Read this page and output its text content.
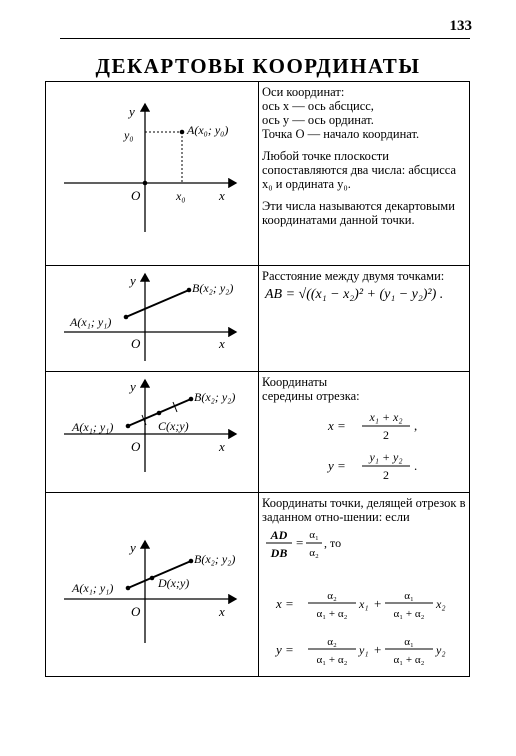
133
ДЕКАРТОВЫ КООРДИНАТЫ
y
y₀	A(x₀; y₀)
O	x₀	x

Оси координат:

ось x — ось абсцисс,

ось y — ось ординат.

Точка O — начало координат.

Любой точке плоскости сопоставляются два числа: абсцисса x₀ и ордината y₀.

Эти числа называются декартовыми координатами данной точки.

y
A(x₁; y₁)
B(x₂; y₂)
O	x
Расстояние между двумя точками:
AB = √((x₁ − x₂)² + (y₁ − y₂)²) .
y
A(x₁; y₁)	C(x;y)
B(x₂; y₂)
O	x

Координаты

середины отрезка:

x =
x₁ + x₂
2
,
y =
y₁ + y₂
2
.
y
A(x₁; y₁)	D(x;y)
B(x₂; y₂)
O	x
Координаты точки, делящей отрезок в заданном отно-шении: если
AD
DB
= α₁
α₂
, то
x =	α₂
α₁ + α₂
x₁ + α₁
α₁ + α₂
x₂
y =	α₂
α₁ + α₂
y₁ + α₁
α₁ + α₂
y₂
